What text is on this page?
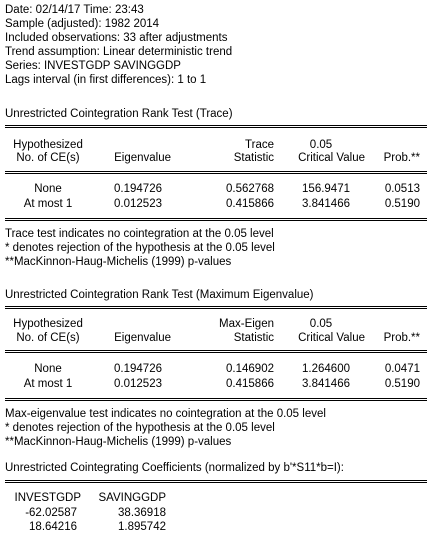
Date: 02/14/17 Time: 23:43
Sample (adjusted): 1982 2014
Included observations: 33 after adjustments
Trend assumption: Linear deterministic trend
Series: INVESTGDP SAVINGGDP
Lags interval (in first differences): 1 to 1
Unrestricted Cointegration Rank Test (Trace)
Hypothesized
No. of CE(s)	Eigenvalue
Trace
Statistic
0.05
Critical Value	Prob.**
None	0.194726	0.562768	156.9471	0.0513
At most 1	0.012523	0.415866	3.841466	0.5190
Trace test indicates no cointegration at the 0.05 level
* denotes rejection of the hypothesis at the 0.05 level
**MacKinnon-Haug-Michelis (1999) p-values
Unrestricted Cointegration Rank Test (Maximum Eigenvalue)
Hypothesized
No. of CE(s)	Eigenvalue
Max-Eigen
Statistic
0.05
Critical Value	Prob.**
None	0.194726	0.146902	1.264600	0.0471
At most 1	0.012523	0.415866	3.841466	0.5190
Max-eigenvalue test indicates no cointegration at the 0.05 level
* denotes rejection of the hypothesis at the 0.05 level
**MacKinnon-Haug-Michelis (1999) p-values
Unrestricted Cointegrating Coefficients (normalized by b'*S11*b=I):
INVESTGDP	SAVINGGDP
-62.02587	38.36918
18.64216	1.895742
